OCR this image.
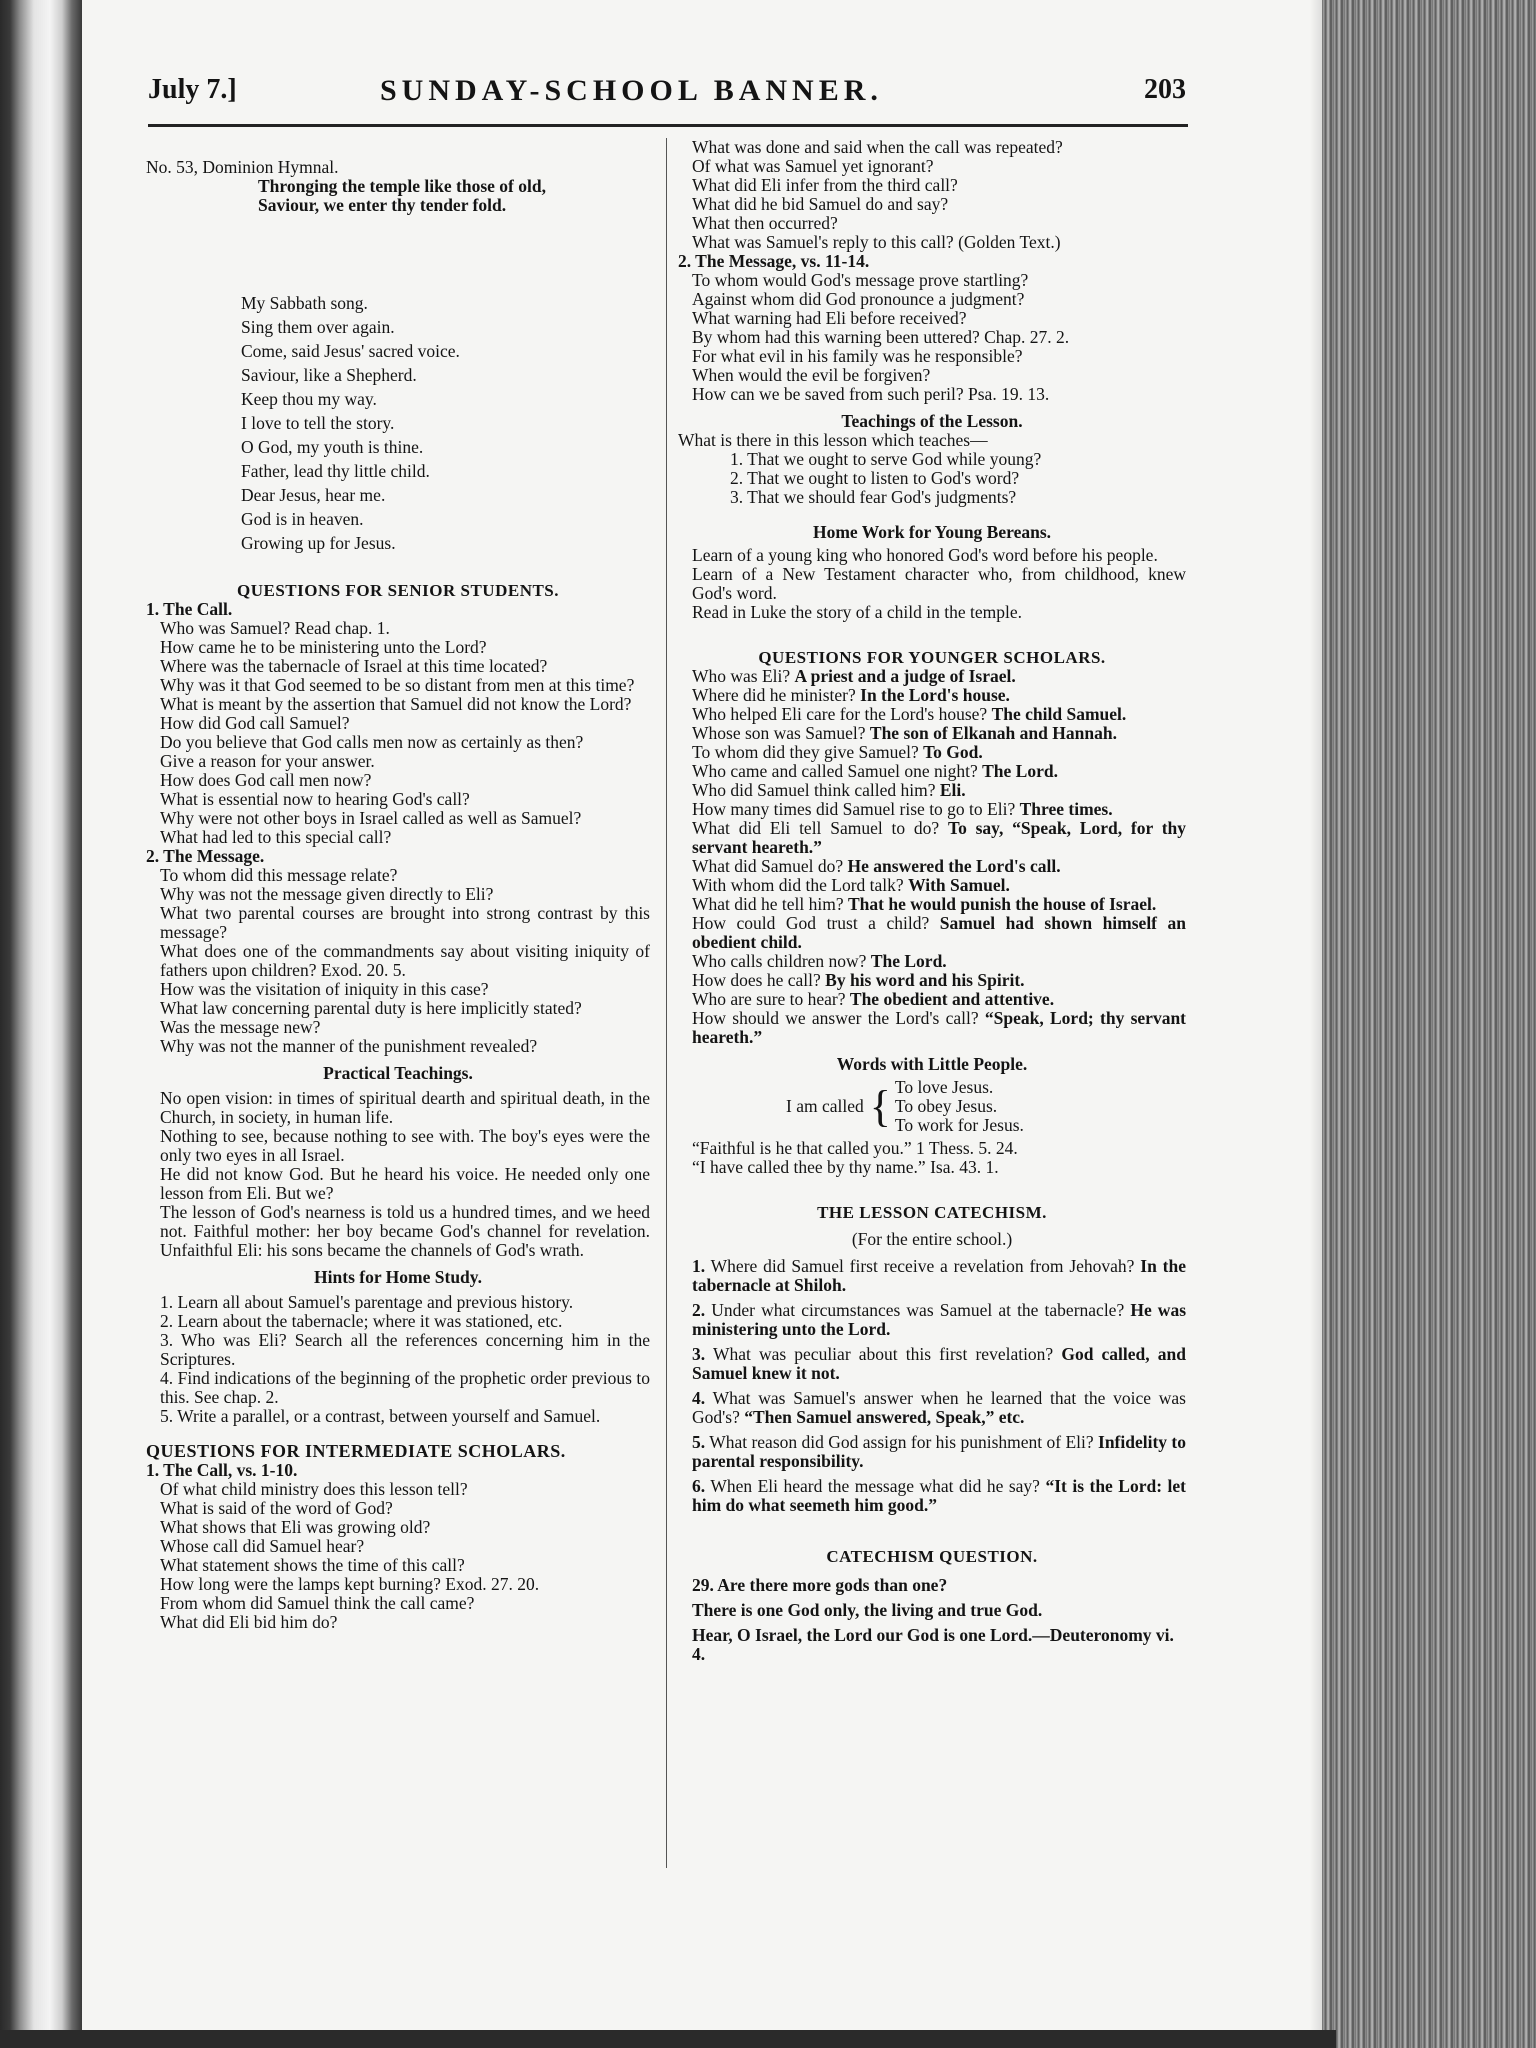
July 7.]	SUNDAY-SCHOOL BANNER.	203

No. 53, Dominion Hymnal.

Thronging the temple like those of old,

Saviour, we enter thy tender fold.

My Sabbath song.

Sing them over again.

Come, said Jesus' sacred voice.

Saviour, like a Shepherd.

Keep thou my way.

I love to tell the story.

O God, my youth is thine.

Father, lead thy little child.

Dear Jesus, hear me.

God is in heaven.

Growing up for Jesus.

QUESTIONS FOR SENIOR STUDENTS.

1. The Call.

Who was Samuel? Read chap. 1.

How came he to be ministering unto the Lord?

Where was the tabernacle of Israel at this time located?

Why was it that God seemed to be so distant from men at this time?

What is meant by the assertion that Samuel did not know the Lord?

How did God call Samuel?

Do you believe that God calls men now as certainly as then?

Give a reason for your answer.

How does God call men now?

What is essential now to hearing God's call?

Why were not other boys in Israel called as well as Samuel?

What had led to this special call?

2. The Message.

To whom did this message relate?

Why was not the message given directly to Eli?

What two parental courses are brought into strong contrast by this message?

What does one of the commandments say about visiting iniquity of fathers upon children? Exod. 20. 5.

How was the visitation of iniquity in this case?

What law concerning parental duty is here implicitly stated?

Was the message new?

Why was not the manner of the punishment revealed?

Practical Teachings.

No open vision: in times of spiritual dearth and spiritual death, in the Church, in society, in human life.

Nothing to see, because nothing to see with. The boy's eyes were the only two eyes in all Israel.

He did not know God. But he heard his voice. He needed only one lesson from Eli. But we?

The lesson of God's nearness is told us a hundred times, and we heed not. Faithful mother: her boy became God's channel for revelation. Unfaithful Eli: his sons became the channels of God's wrath.

Hints for Home Study.

1. Learn all about Samuel's parentage and previous history.

2. Learn about the tabernacle; where it was stationed, etc.

3. Who was Eli? Search all the references concerning him in the Scriptures.

4. Find indications of the beginning of the prophetic order previous to this. See chap. 2.

5. Write a parallel, or a contrast, between yourself and Samuel.

QUESTIONS FOR INTERMEDIATE SCHOLARS.

1. The Call, vs. 1-10.

Of what child ministry does this lesson tell?

What is said of the word of God?

What shows that Eli was growing old?

Whose call did Samuel hear?

What statement shows the time of this call?

How long were the lamps kept burning? Exod. 27. 20.

From whom did Samuel think the call came?

What did Eli bid him do?

What was done and said when the call was repeated?

Of what was Samuel yet ignorant?

What did Eli infer from the third call?

What did he bid Samuel do and say?

What then occurred?

What was Samuel's reply to this call? (Golden Text.)

2. The Message, vs. 11-14.

To whom would God's message prove startling?

Against whom did God pronounce a judgment?

What warning had Eli before received?

By whom had this warning been uttered? Chap. 27. 2.

For what evil in his family was he responsible?

When would the evil be forgiven?

How can we be saved from such peril? Psa. 19. 13.

Teachings of the Lesson.

What is there in this lesson which teaches—

1. That we ought to serve God while young?

2. That we ought to listen to God's word?

3. That we should fear God's judgments?

Home Work for Young Bereans.

Learn of a young king who honored God's word before his people.

Learn of a New Testament character who, from childhood, knew God's word.

Read in Luke the story of a child in the temple.

QUESTIONS FOR YOUNGER SCHOLARS.

Who was Eli? A priest and a judge of Israel.

Where did he minister? In the Lord's house.

Who helped Eli care for the Lord's house? The child Samuel.

Whose son was Samuel? The son of Elkanah and Hannah.

To whom did they give Samuel? To God.

Who came and called Samuel one night? The Lord.

Who did Samuel think called him? Eli.

How many times did Samuel rise to go to Eli? Three times.

What did Eli tell Samuel to do? To say, “Speak, Lord, for thy servant heareth.”

What did Samuel do? He answered the Lord's call.

With whom did the Lord talk? With Samuel.

What did he tell him? That he would punish the house of Israel.

How could God trust a child? Samuel had shown himself an obedient child.

Who calls children now? The Lord.

How does he call? By his word and his Spirit.

Who are sure to hear? The obedient and attentive.

How should we answer the Lord's call? “Speak, Lord; thy servant heareth.”

Words with Little People.

I am called { To love Jesus.

To obey Jesus.

To work for Jesus.

“Faithful is he that called you.” 1 Thess. 5. 24.

“I have called thee by thy name.” Isa. 43. 1.

THE LESSON CATECHISM.

(For the entire school.)

1. Where did Samuel first receive a revelation from Jehovah? In the tabernacle at Shiloh.

2. Under what circumstances was Samuel at the tabernacle? He was ministering unto the Lord.

3. What was peculiar about this first revelation? God called, and Samuel knew it not.

4. What was Samuel's answer when he learned that the voice was God's? “Then Samuel answered, Speak,” etc.

5. What reason did God assign for his punishment of Eli? Infidelity to parental responsibility.

6. When Eli heard the message what did he say? “It is the Lord: let him do what seemeth him good.”

CATECHISM QUESTION.

29. Are there more gods than one?

There is one God only, the living and true God.

Hear, O Israel, the Lord our God is one Lord.—Deuteronomy vi. 4.
